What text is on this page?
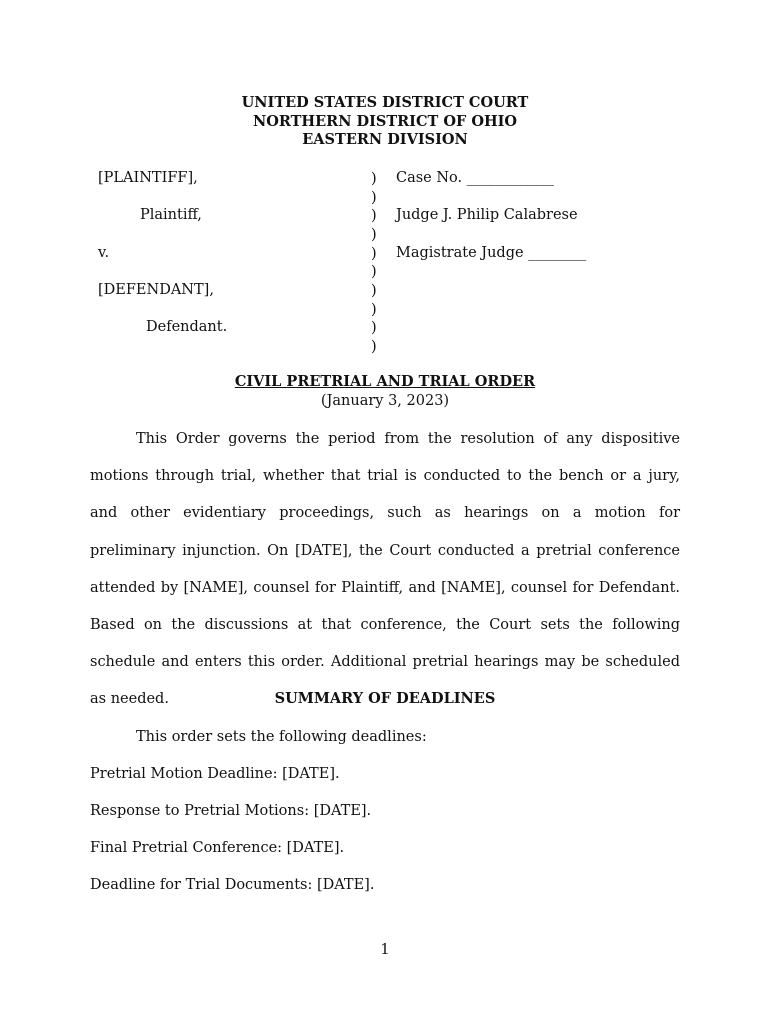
UNITED STATES DISTRICT COURT
NORTHERN DISTRICT OF OHIO
EASTERN DIVISION
[PLAINTIFF],
Plaintiff,
v.
[DEFENDANT],
Defendant.
)
)
)
)
)
)
)
)
)
)
Case No. ____________
Judge J. Philip Calabrese
Magistrate Judge ________
CIVIL PRETRIAL AND TRIAL ORDER
(January 3, 2023)

This Order governs the period from the resolution of any dispositive motions through trial, whether that trial is conducted to the bench or a jury, and other evidentiary proceedings, such as hearings on a motion for preliminary injunction. On [DATE], the Court conducted a pretrial conference attended by [NAME], counsel for Plaintiff, and [NAME], counsel for Defendant. Based on the discussions at that conference, the Court sets the following schedule and enters this order. Additional pretrial hearings may be scheduled as needed.	SUMMARY OF DEADLINES
This order sets the following deadlines:
Pretrial Motion Deadline: [DATE].
Response to Pretrial Motions: [DATE].
Final Pretrial Conference: [DATE].
Deadline for Trial Documents: [DATE].
1
